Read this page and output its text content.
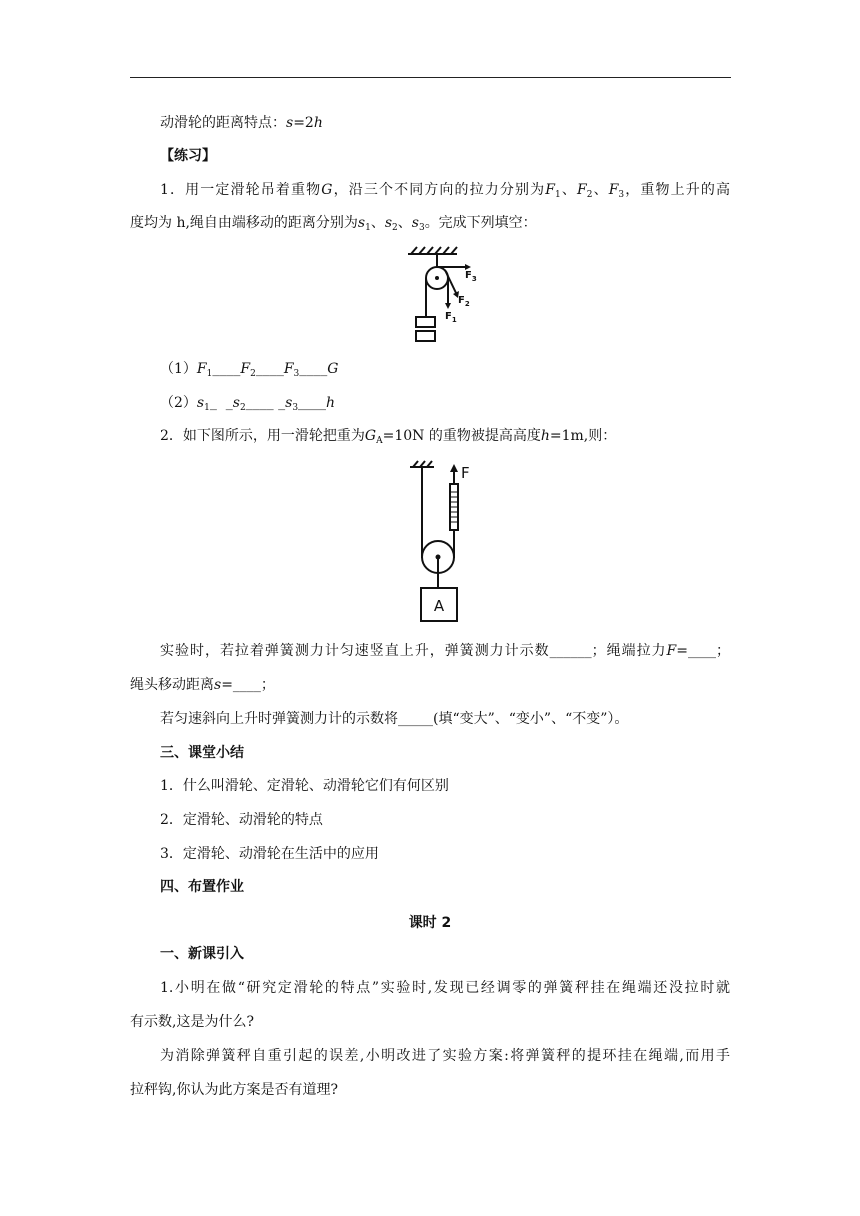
动滑轮的距离特点：s=2h
【练习】
1．用一定滑轮吊着重物G，沿三个不同方向的拉力分别为$F_1$、$F_2$、$F_3$，重物上升的高
度均为 h,绳自由端移动的距离分别为$s_1$、$s_2$、$s_3$。完成下列填空：
$F_3$
$F_2$
$F_1$
$(1)F_1\_\_\_\_F_2\_\_\_\_F_3\_\_\_\_G$
$(2)s_1\_$ $\_s_2\_\_\_\_$ $\_s_3\_\_\_\_h$
2．如下图所示，用一滑轮把重为$G_A=10N$ 的重物被提高高度h=1m,则：
F
A
实验时，若拉着弹簧测力计匀速竖直上升，弹簧测力计示数______；绳端拉力F=____；
绳头移动距离s=____；
若匀速斜向上升时弹簧测力计的示数将_____(填“变大”、“变小”、“不变”）。
三、课堂小结
1．什么叫滑轮、定滑轮、动滑轮它们有何区别
2．定滑轮、动滑轮的特点
3．定滑轮、动滑轮在生活中的应用
四、布置作业
课时 2
一、新课引入
1.小明在做“研究定滑轮的特点”实验时,发现已经调零的弹簧秤挂在绳端还没拉时就
有示数,这是为什么?
为消除弹簧秤自重引起的误差,小明改进了实验方案:将弹簧秤的提环挂在绳端,而用手
拉秤钩,你认为此方案是否有道理?
